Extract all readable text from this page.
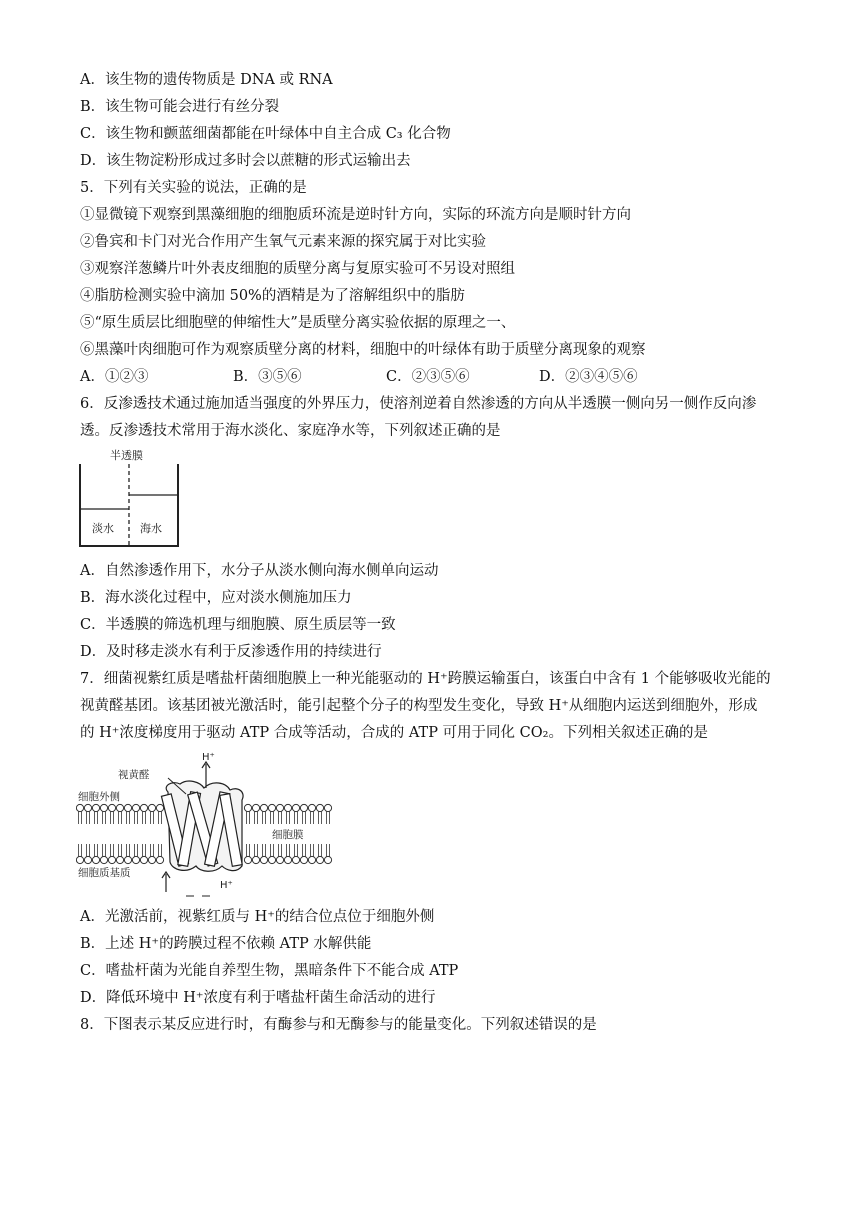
A．该生物的遗传物质是 DNA 或 RNA
B．该生物可能会进行有丝分裂
C．该生物和颤蓝细菌都能在叶绿体中自主合成 C₃ 化合物
D．该生物淀粉形成过多时会以蔗糖的形式运输出去
5．下列有关实验的说法，正确的是
①显微镜下观察到黑藻细胞的细胞质环流是逆时针方向，实际的环流方向是顺时针方向
②鲁宾和卡门对光合作用产生氧气元素来源的探究属于对比实验
③观察洋葱鳞片叶外表皮细胞的质壁分离与复原实验可不另设对照组
④脂肪检测实验中滴加 50%的酒精是为了溶解组织中的脂肪
⑤“原生质层比细胞壁的伸缩性大”是质壁分离实验依据的原理之一、
⑥黑藻叶肉细胞可作为观察质壁分离的材料，细胞中的叶绿体有助于质壁分离现象的观察
A．①②③	B．③⑤⑥	C．②③⑤⑥	D．②③④⑤⑥
6．反渗透技术通过施加适当强度的外界压力，使溶剂逆着自然渗透的方向从半透膜一侧向另一侧作反向渗
透。反渗透技术常用于海水淡化、家庭净水等，下列叙述正确的是
半透膜
淡水 海水
A．自然渗透作用下，水分子从淡水侧向海水侧单向运动
B．海水淡化过程中，应对淡水侧施加压力
C．半透膜的筛选机理与细胞膜、原生质层等一致
D．及时移走淡水有利于反渗透作用的持续进行
7．细菌视紫红质是嗜盐杆菌细胞膜上一种光能驱动的 H⁺跨膜运输蛋白，该蛋白中含有 1 个能够吸收光能的
视黄醛基团。该基团被光激活时，能引起整个分子的构型发生变化，导致 H⁺从细胞内运送到细胞外，形成
的 H⁺浓度梯度用于驱动 ATP 合成等活动，合成的 ATP 可用于同化 CO₂。下列相关叙述正确的是
H⁺
视黄醛
细胞外侧
细胞膜
细胞质基质
H⁺
A．光激活前，视紫红质与 H⁺的结合位点位于细胞外侧
B．上述 H⁺的跨膜过程不依赖 ATP 水解供能
C．嗜盐杆菌为光能自养型生物，黑暗条件下不能合成 ATP
D．降低环境中 H⁺浓度有利于嗜盐杆菌生命活动的进行
8．下图表示某反应进行时，有酶参与和无酶参与的能量变化。下列叙述错误的是
